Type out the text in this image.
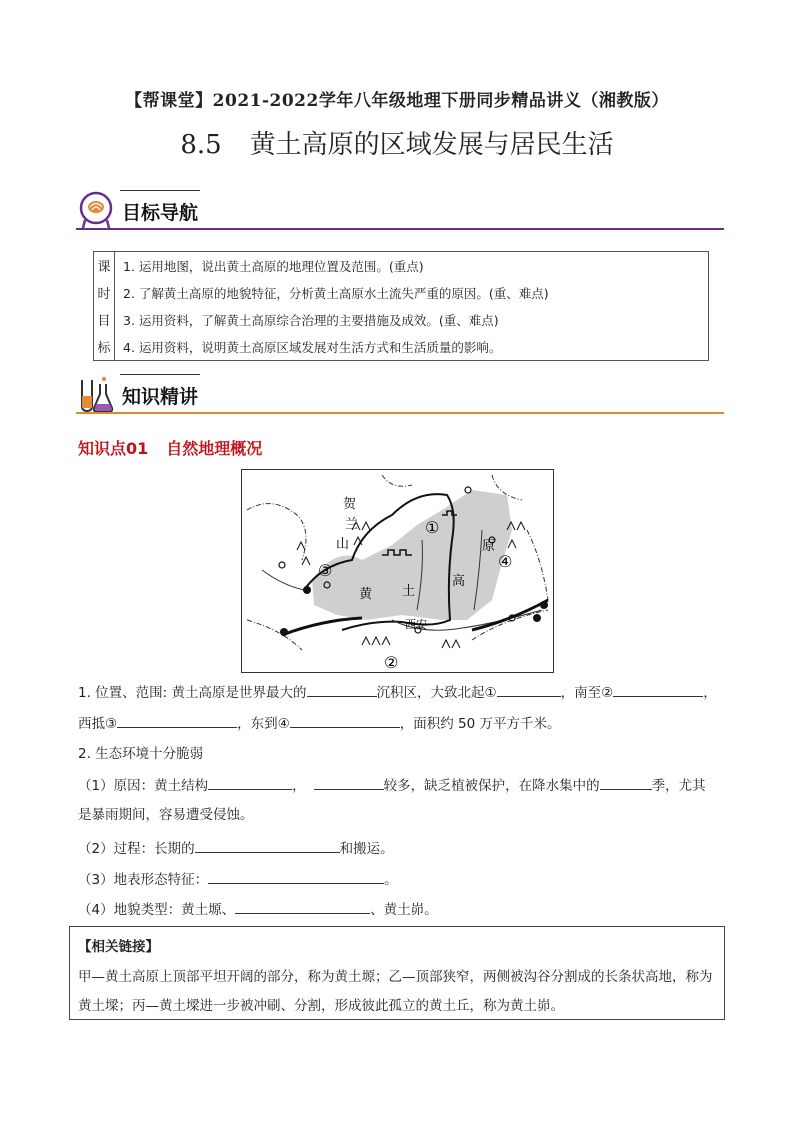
【帮课堂】2021-2022学年八年级地理下册同步精品讲义（湘教版）
8.5 黄土高原的区域发展与居民生活
目标导航
课	1. 运用地图，说出黄土高原的地理位置及范围。(重点)
时	2. 了解黄土高原的地貌特征，分析黄土高原水土流失严重的原因。(重、难点)
目	3. 运用资料，了解黄土高原综合治理的主要措施及成效。(重、难点)
标	4. 运用资料，说明黄土高原区域发展对生活方式和生活质量的影响。
知识精讲
知识点01 自然地理概况
贺
兰
山
黄 土
高
原
西安
①
②
③	④
1. 位置、范围: 黄土高原是世界最大的	沉积区，大致北起①	，南至②	，
西抵③	，东到④	，面积约 50 万平方千米。
2. 生态环境十分脆弱
（1）原因：黄土结构	，	较多，缺乏植被保护，在降水集中的	季，尤其
是暴雨期间，容易遭受侵蚀。
（2）过程：长期的	和搬运。
（3）地表形态特征：	。
（4）地貌类型：黄土塬、	、黄土峁。
【相关链接】
甲—黄土高原上顶部平坦开阔的部分，称为黄土塬；乙—顶部狭窄，两侧被沟谷分割成的长条状高地，称为黄土墚；丙—黄土墚进一步被冲刷、分割，形成彼此孤立的黄土丘，称为黄土峁。
